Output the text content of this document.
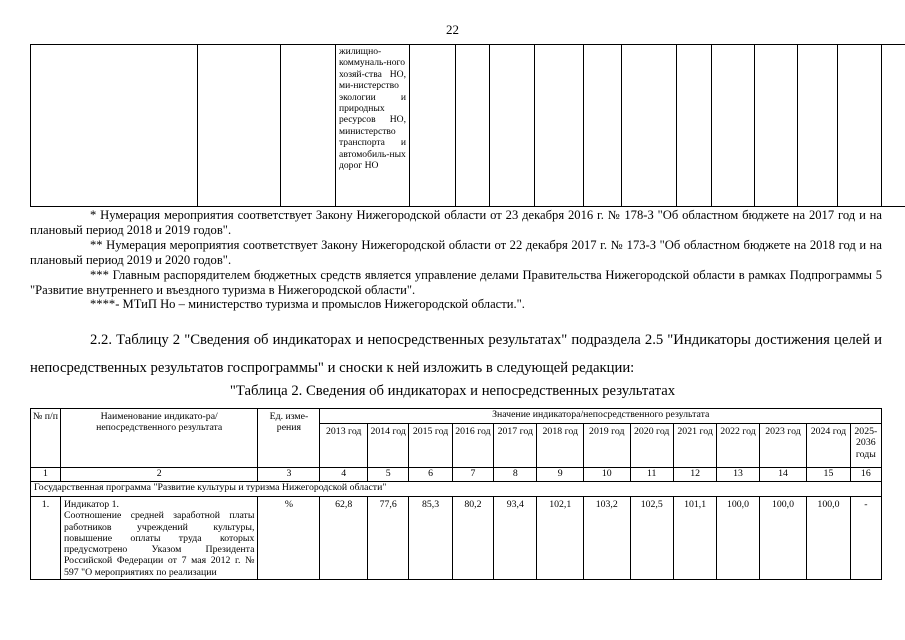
22

жилищно-коммуналь-ного хозяй-ства НО, ми-нистерство экологии и природных ресурсов НО, министерство транспорта и автомобиль-ных дорог НО

* Нумерация мероприятия соответствует Закону Нижегородской области от 23 декабря 2016 г. № 178-З "Об областном бюджете на 2017 год и на плановый период 2018 и 2019 годов".
** Нумерация мероприятия соответствует Закону Нижегородской области от 22 декабря 2017 г. № 173-З "Об областном бюджете на 2018 год и на плановый период 2019 и 2020 годов".
*** Главным распорядителем бюджетных средств является управление делами Правительства Нижегородской области в рамках Подпрограммы 5 "Развитие внутреннего и въездного туризма в Нижегородской области".
****- МТиП Но – министерство туризма и промыслов Нижегородской области.".
2.2. Таблицу 2 "Сведения об индикаторах и непосредственных результатах" подраздела 2.5 "Индикаторы достижения целей и непосредственных результатов госпрограммы" и сноски к ней изложить в следующей редакции:
"Таблица 2. Сведения об индикаторах и непосредственных результатах
№ п/п	Наименование индикато-ра/непосредственного результата	Ед. изме-рения	Значение индикатора/непосредственного результата												
			2013 год	2014 год	2015 год	2016 год	2017 год	2018 год	2019 год	2020 год	2021 год	2022 год	2023 год	2024 год	2025-2036 годы
1	2	3	4	5	6	7	8	9	10	11	12	13	14	15	16
Государственная программа "Развитие культуры и туризма Нижегородской области"															
1.	Индикатор 1.
Соотношение средней заработной платы работников учреждений культуры, повышение оплаты труда которых предусмотрено Указом Президента Российской Федерации от 7 мая 2012 г. № 597 "О мероприятиях по реализации	%	62,8	77,6	85,3	80,2	93,4	102,1	103,2	102,5	101,1	100,0	100,0	100,0	-
